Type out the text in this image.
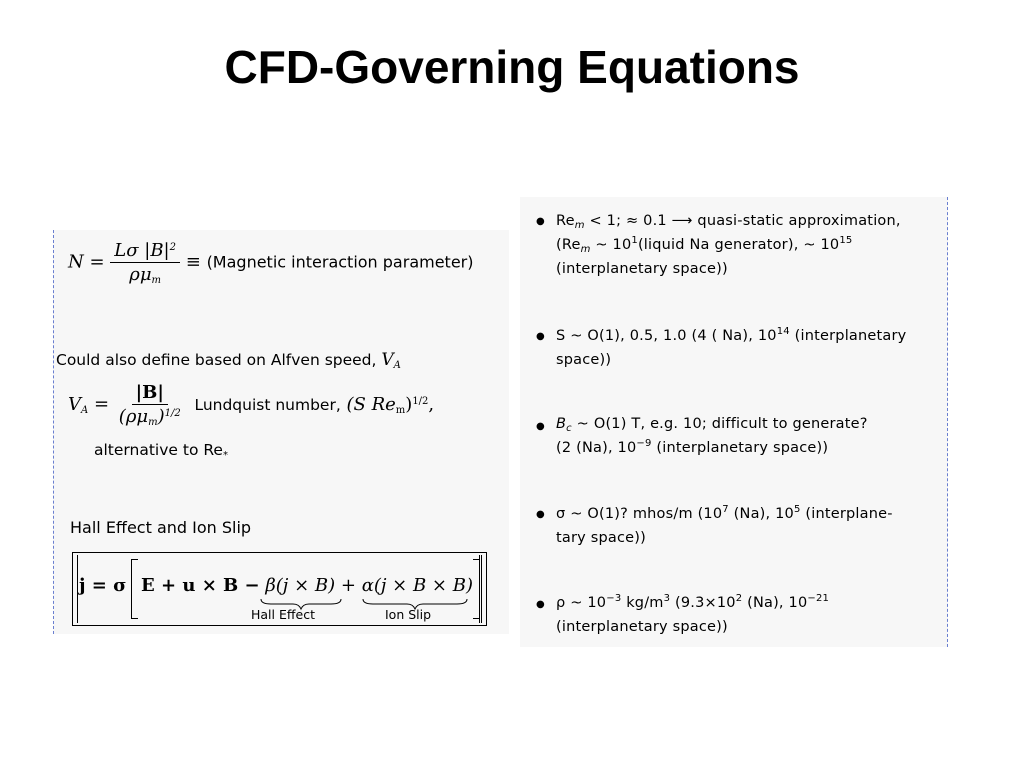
CFD-Governing Equations
$N = \frac{L\sigma |B|^2}{\rho\mu_m}$ ≡ (Magnetic interaction parameter)
Could also define based on Alfven speed, $V_A$
$V_A = \frac{|B|}{(\rho\mu_m)^{1/2}}$ Lundquist number, (S $Re_m)^{1/2}$,
alternative to $Re_*$
Hall Effect and Ion Slip
j = σ E + u × B − β(j × B) + α(j × B × B)
Hall Effect	Ion Slip
● $Re_m < 1$; ≈ 0.1 ⟶ quasi-static approximation,
($Re_m$ ~ $10^1(liquid$ Na generator), ~ $10^{15}$
(interplanetary space))
● S ~ O(1), 0.5, 1.0 (4 ( Na), $10^{14}$ (interplanetary
space))
● $B_c$ ~ O(1) T, e.g. 10; difficult to generate?
(2 (Na), $10^{-9}$ (interplanetary space))
● σ ~ O(1)? mhos/m ($10^7$ (Na), $10^5$ (interplane-
tary space))
● ρ ~ $10^{-3}$ $kg/m^3$ ($9.3\times 10^2$ (Na), $10^{-21}$
(interplanetary space))
